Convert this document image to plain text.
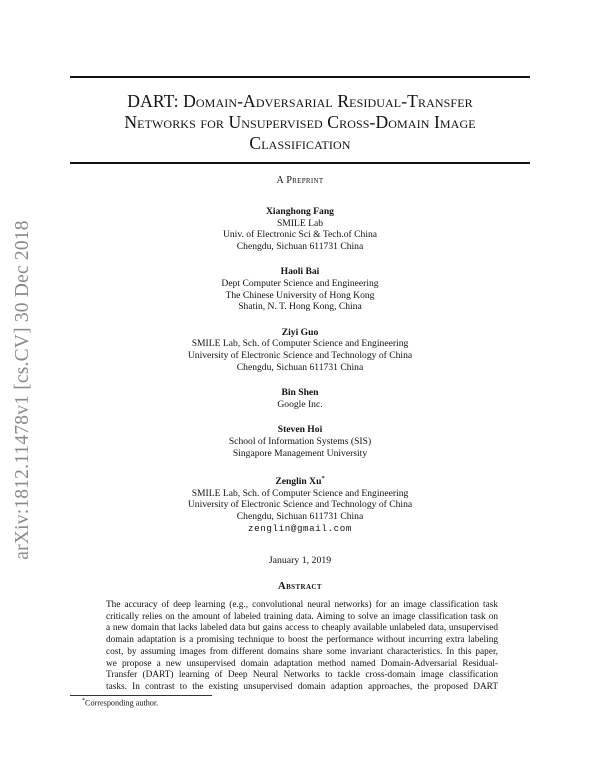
arXiv:1812.11478v1 [cs.CV] 30 Dec 2018
DART: Domain-Adversarial Residual-Transfer
Networks for Unsupervised Cross-Domain Image
Classification
A Preprint
Xianghong Fang
SMILE Lab
Univ. of Electronic Sci & Tech.of China
Chengdu, Sichuan 611731 China
Haoli Bai
Dept Computer Science and Engineering
The Chinese University of Hong Kong
Shatin, N. T. Hong Kong, China
Ziyi Guo
SMILE Lab, Sch. of Computer Science and Engineering
University of Electronic Science and Technology of China
Chengdu, Sichuan 611731 China
Bin Shen
Google Inc.
Steven Hoi
School of Information Systems (SIS)
Singapore Management University
Zenglin Xu*
SMILE Lab, Sch. of Computer Science and Engineering
University of Electronic Science and Technology of China
Chengdu, Sichuan 611731 China
zenglin@gmail.com
January 1, 2019
Abstract
The accuracy of deep learning (e.g., convolutional neural networks) for an image classification task
critically relies on the amount of labeled training data. Aiming to solve an image classification task on
a new domain that lacks labeled data but gains access to cheaply available unlabeled data, unsupervised
domain adaptation is a promising technique to boost the performance without incurring extra labeling
cost, by assuming images from different domains share some invariant characteristics. In this paper,
we propose a new unsupervised domain adaptation method named Domain-Adversarial Residual-
Transfer (DART) learning of Deep Neural Networks to tackle cross-domain image classification
tasks. In contrast to the existing unsupervised domain adaption approaches, the proposed DART
*Corresponding author.
